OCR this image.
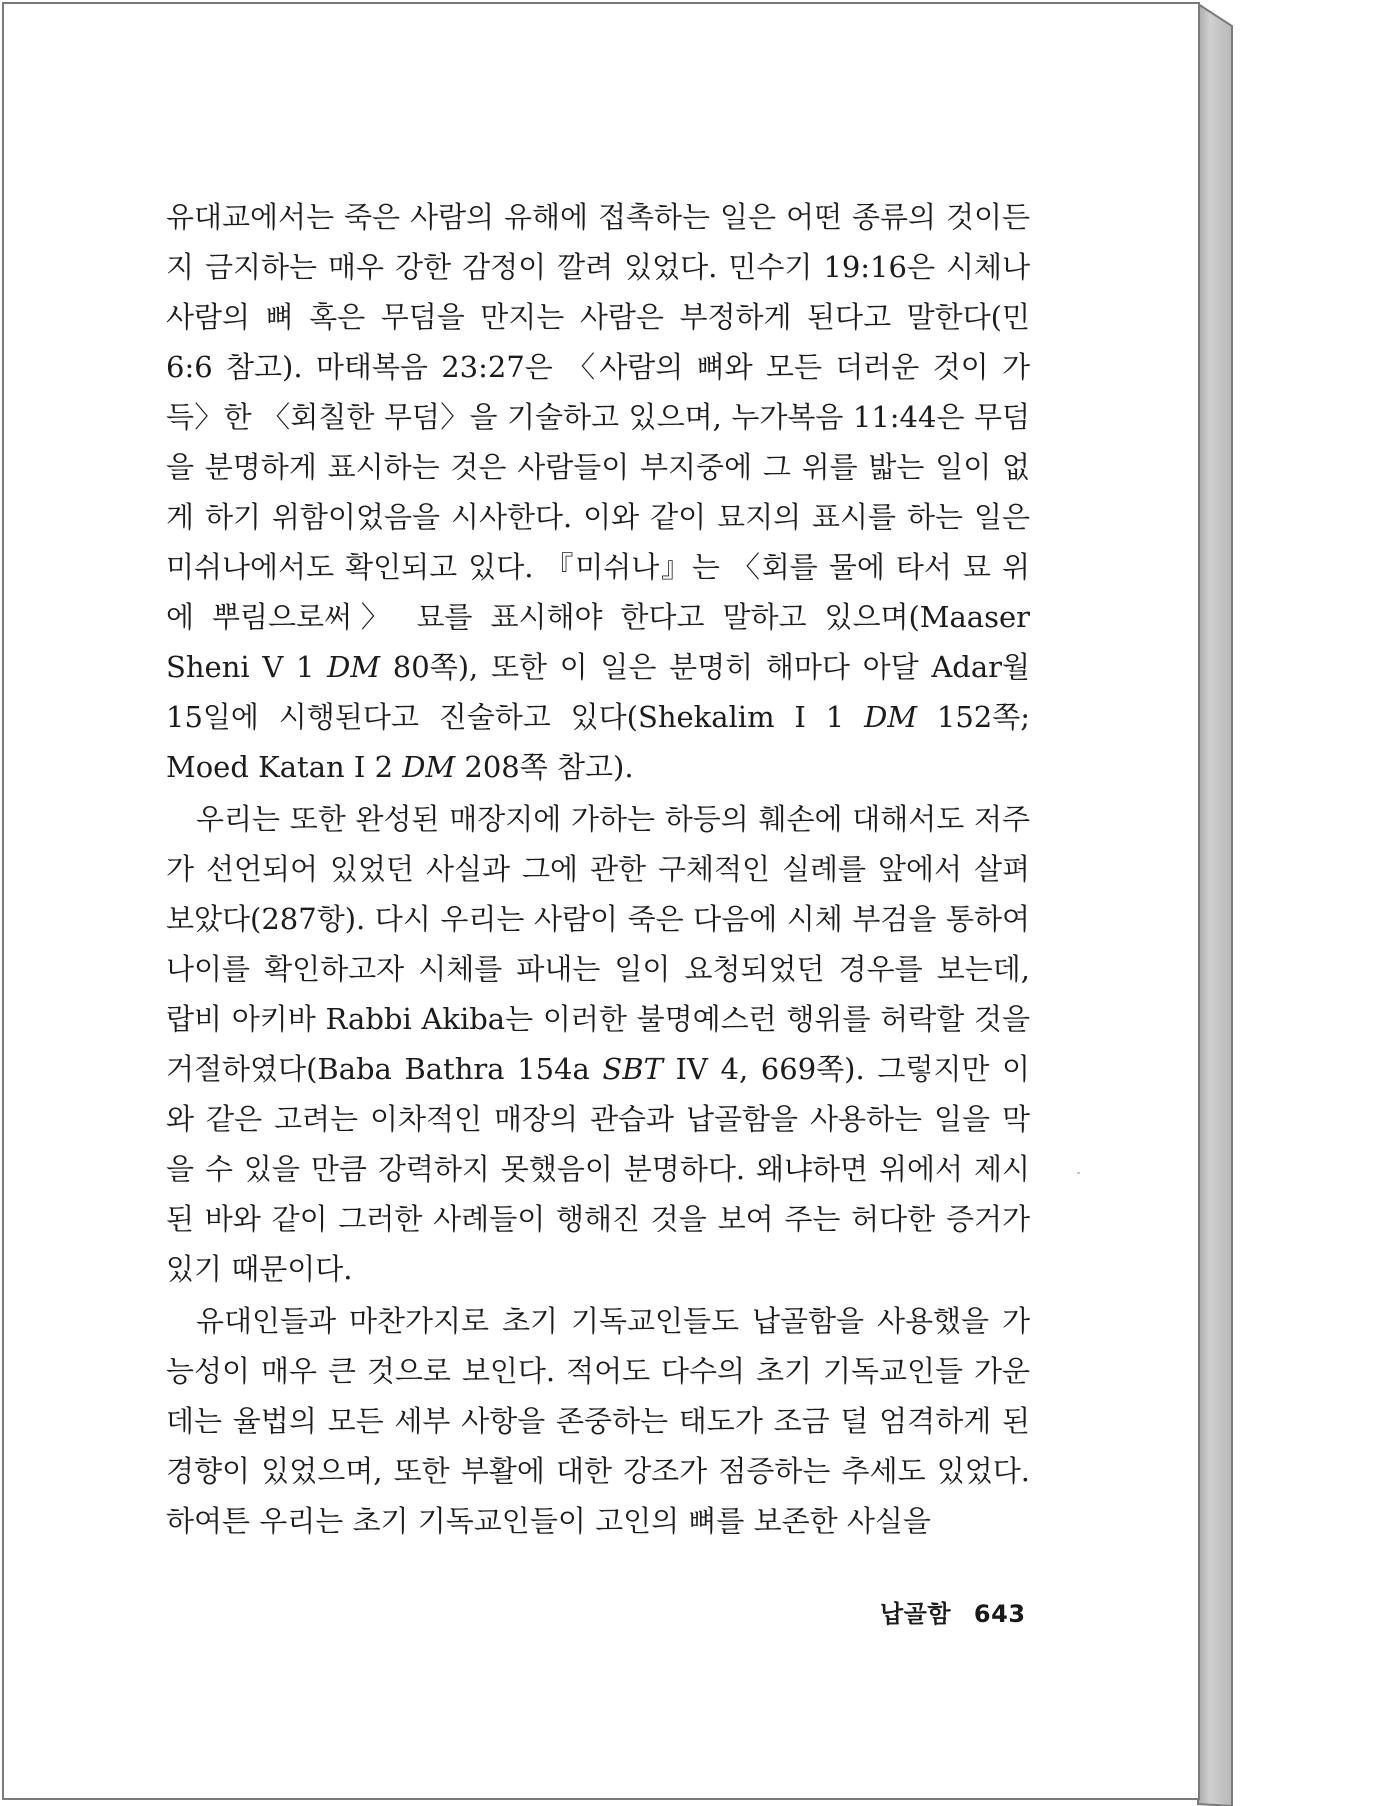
유대교에서는 죽은 사람의 유해에 접촉하는 일은 어떤 종류의 것이든지 금지하는 매우 강한 감정이 깔려 있었다. 민수기 19:16은 시체나 사람의 뼈 혹은 무덤을 만지는 사람은 부정하게 된다고 말한다(민 6:6 참고). 마태복음 23:27은 〈사람의 뼈와 모든 더러운 것이 가득〉한 〈회칠한 무덤〉을 기술하고 있으며, 누가복음 11:44은 무덤을 분명하게 표시하는 것은 사람들이 부지중에 그 위를 밟는 일이 없게 하기 위함이었음을 시사한다. 이와 같이 묘지의 표시를 하는 일은 미쉬나에서도 확인되고 있다. 『미쉬나』는 〈회를 물에 타서 묘 위에 뿌림으로써〉 묘를 표시해야 한다고 말하고 있으며(Maaser Sheni V 1 DM 80쪽), 또한 이 일은 분명히 해마다 아달 Adar월 15일에 시행된다고 진술하고 있다(Shekalim I 1 DM 152쪽; Moed Katan I 2 DM 208쪽 참고).

우리는 또한 완성된 매장지에 가하는 하등의 훼손에 대해서도 저주가 선언되어 있었던 사실과 그에 관한 구체적인 실례를 앞에서 살펴보았다(287항). 다시 우리는 사람이 죽은 다음에 시체 부검을 통하여 나이를 확인하고자 시체를 파내는 일이 요청되었던 경우를 보는데, 랍비 아키바 Rabbi Akiba는 이러한 불명예스런 행위를 허락할 것을 거절하였다(Baba Bathra 154a SBT IV 4, 669쪽). 그렇지만 이와 같은 고려는 이차적인 매장의 관습과 납골함을 사용하는 일을 막을 수 있을 만큼 강력하지 못했음이 분명하다. 왜냐하면 위에서 제시된 바와 같이 그러한 사례들이 행해진 것을 보여 주는 허다한 증거가 있기 때문이다.

유대인들과 마찬가지로 초기 기독교인들도 납골함을 사용했을 가능성이 매우 큰 것으로 보인다. 적어도 다수의 초기 기독교인들 가운데는 율법의 모든 세부 사항을 존중하는 태도가 조금 덜 엄격하게 된 경향이 있었으며, 또한 부활에 대한 강조가 점증하는 추세도 있었다. 하여튼 우리는 초기 기독교인들이 고인의 뼈를 보존한 사실을

납골함 643
